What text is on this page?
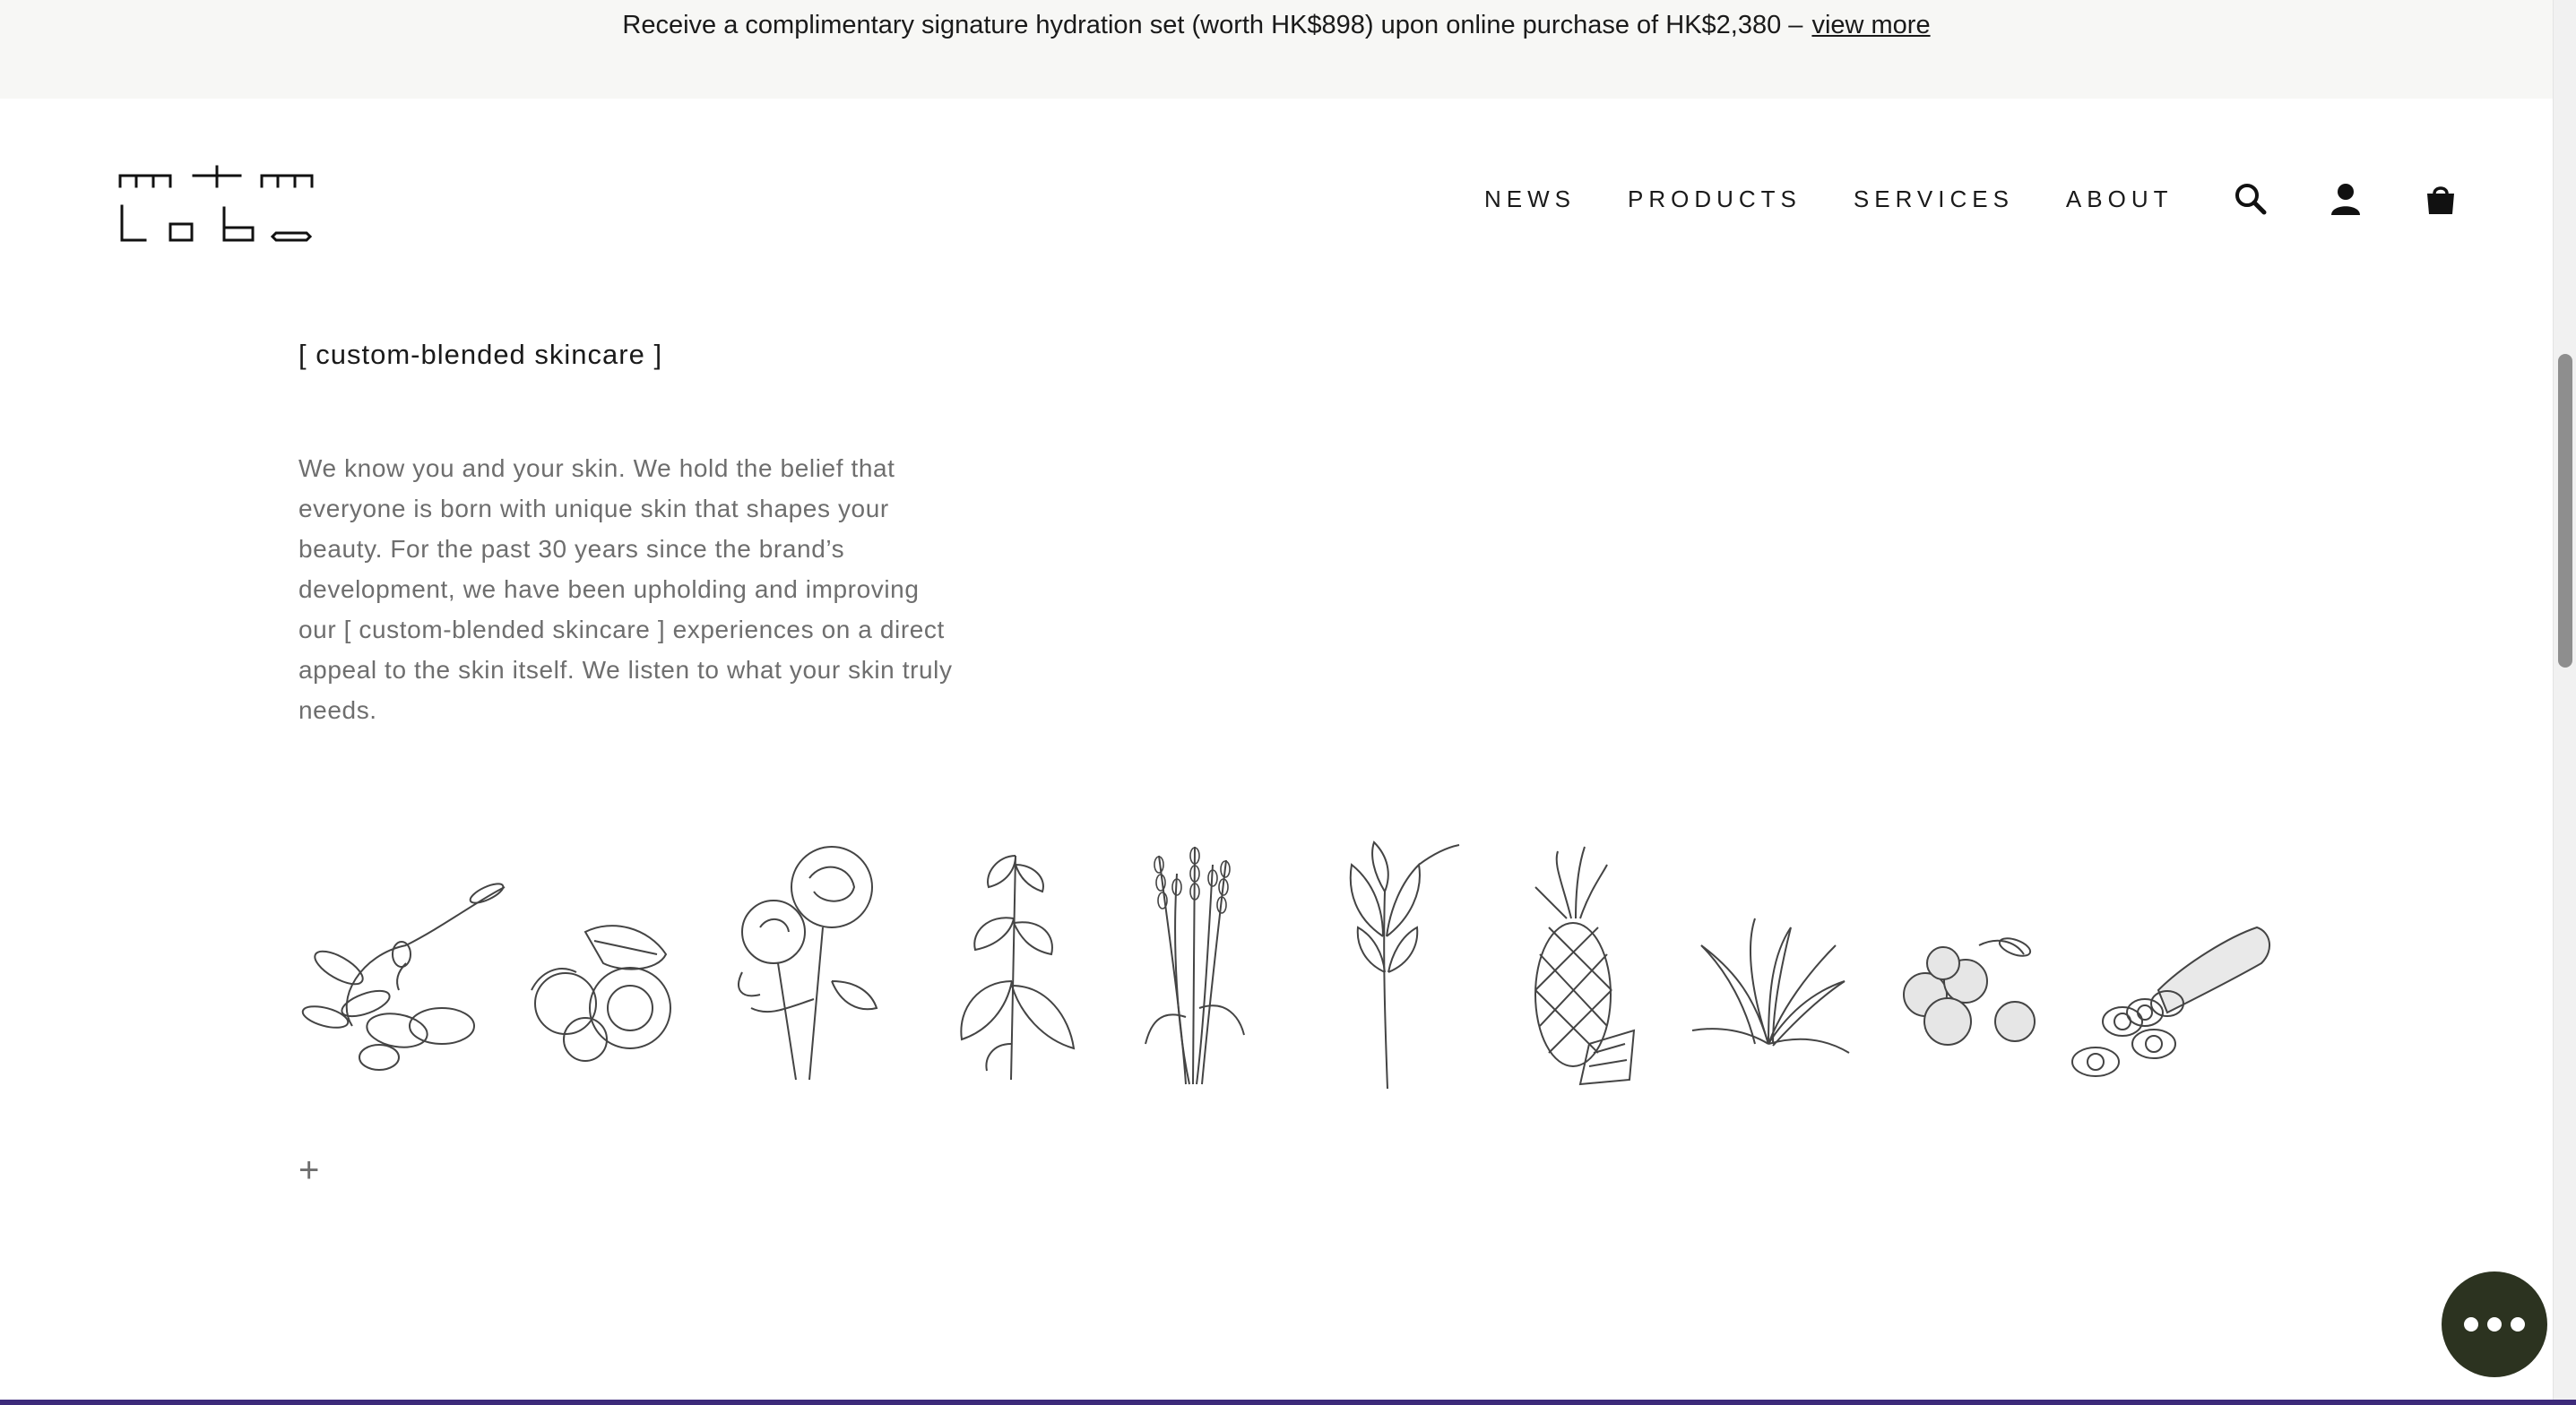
Receive a complimentary signature hydration set (worth HK$898) upon online purchase of HK$2,380 – view more
NEWS PRODUCTS SERVICES ABOUT
[ custom-blended skincare ]
We know you and your skin. We hold the belief that everyone is born with unique skin that shapes your beauty. For the past 30 years since the brand’s development, we have been upholding and improving our [ custom-blended skincare ] experiences on a direct appeal to the skin itself. We listen to what your skin truly needs.
+
